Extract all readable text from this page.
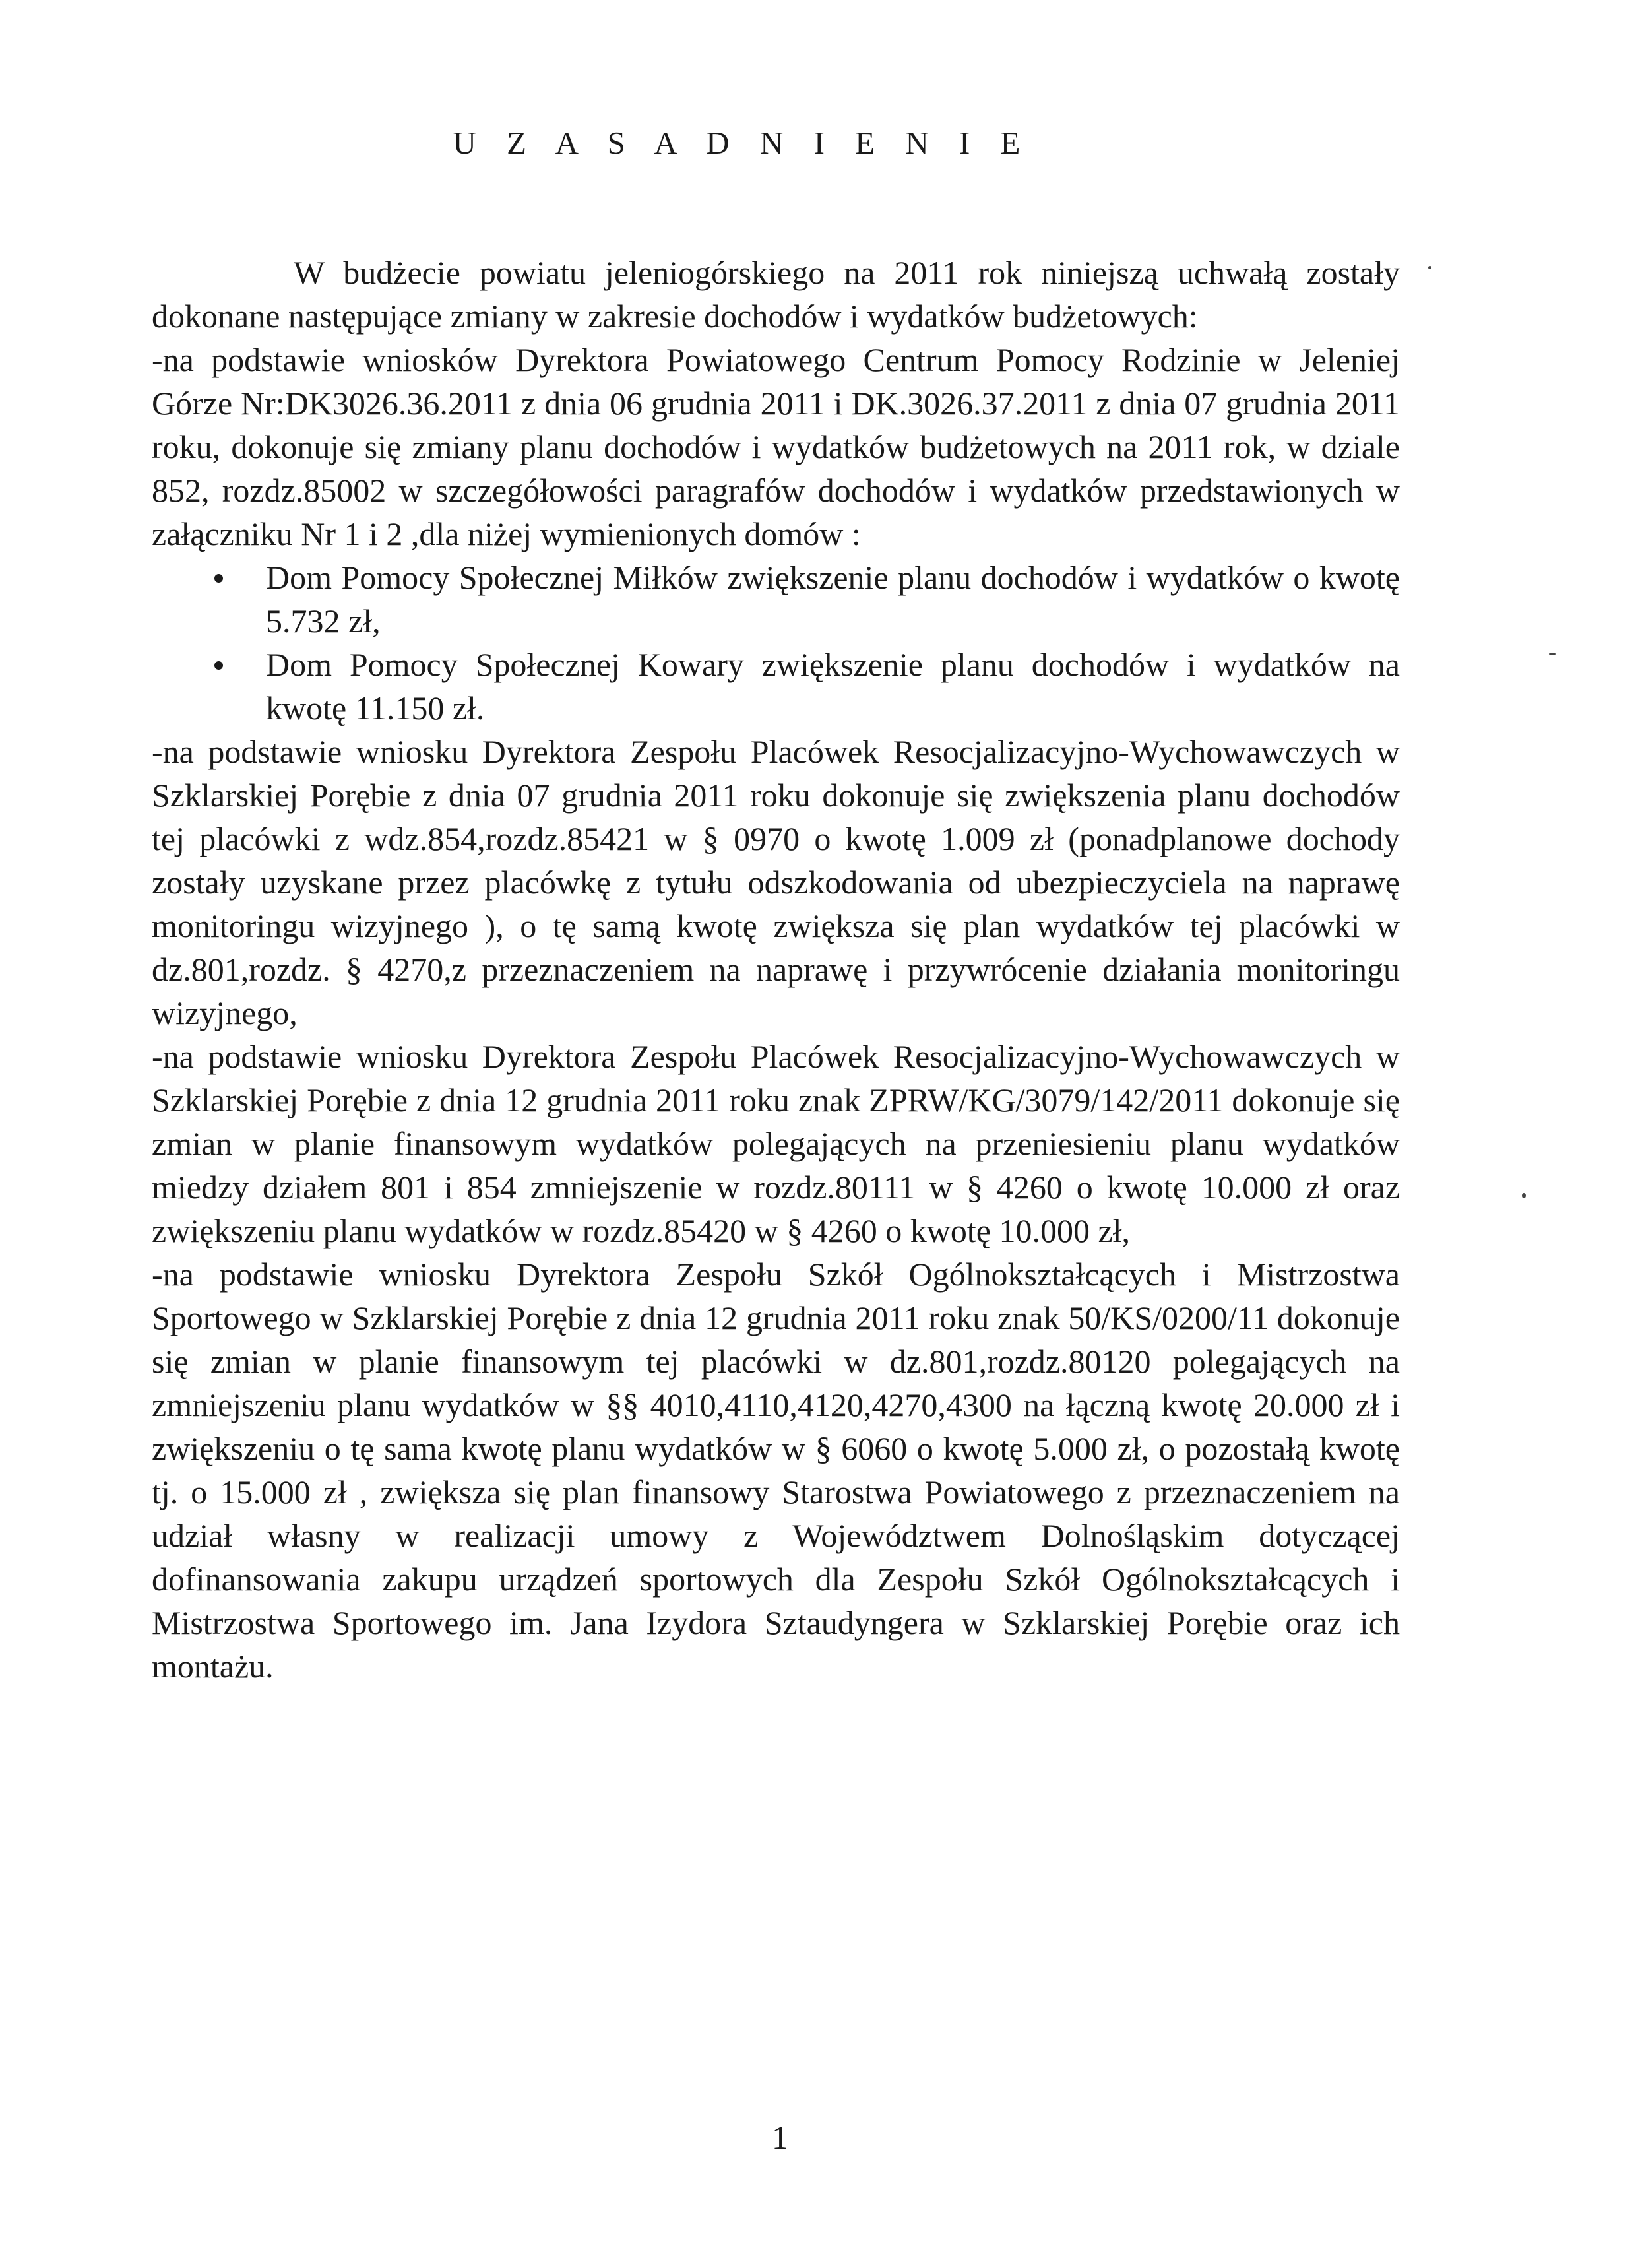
U Z A S A D N I E N I E

W budżecie powiatu jeleniogórskiego na 2011 rok niniejszą uchwałą zostały dokonane następujące zmiany w zakresie dochodów i wydatków budżetowych:

-na podstawie wniosków Dyrektora Powiatowego Centrum Pomocy Rodzinie w Jeleniej Górze Nr:DK3026.36.2011 z dnia 06 grudnia 2011 i DK.3026.37.2011 z dnia 07 grudnia 2011 roku, dokonuje się zmiany planu dochodów i wydatków budżetowych na 2011 rok, w dziale 852, rozdz.85002 w szczegółowości paragrafów dochodów i wydatków przedstawionych w załączniku Nr 1 i 2 ,dla niżej wymienionych domów :

Dom Pomocy Społecznej Miłków zwiększenie planu dochodów i wydatków o kwotę 5.732 zł,
Dom Pomocy Społecznej Kowary zwiększenie planu dochodów i wydatków na kwotę 11.150 zł.

-na podstawie wniosku Dyrektora Zespołu Placówek Resocjalizacyjno-Wychowawczych w Szklarskiej Porębie z dnia 07 grudnia 2011 roku dokonuje się zwiększenia planu dochodów tej placówki z wdz.854,rozdz.85421 w § 0970 o kwotę 1.009 zł (ponadplanowe dochody zostały uzyskane przez placówkę z tytułu odszkodowania od ubezpieczyciela na naprawę monitoringu wizyjnego ), o tę samą kwotę zwiększa się plan wydatków tej placówki w dz.801,rozdz. § 4270,z przeznaczeniem na naprawę i przywrócenie działania monitoringu wizyjnego,

-na podstawie wniosku Dyrektora Zespołu Placówek Resocjalizacyjno-Wychowawczych w Szklarskiej Porębie z dnia 12 grudnia 2011 roku znak ZPRW/KG/3079/142/2011 dokonuje się zmian w planie finansowym wydatków polegających na przeniesieniu planu wydatków miedzy działem 801 i 854 zmniejszenie w rozdz.80111 w § 4260 o kwotę 10.000 zł oraz zwiększeniu planu wydatków w rozdz.85420 w § 4260 o kwotę 10.000 zł,

-na podstawie wniosku Dyrektora Zespołu Szkół Ogólnokształcących i Mistrzostwa Sportowego w Szklarskiej Porębie z dnia 12 grudnia 2011 roku znak 50/KS/0200/11 dokonuje się zmian w planie finansowym tej placówki w dz.801,rozdz.80120 polegających na zmniejszeniu planu wydatków w §§ 4010,4110,4120,4270,4300 na łączną kwotę 20.000 zł i zwiększeniu o tę sama kwotę planu wydatków w § 6060 o kwotę 5.000 zł, o pozostałą kwotę tj. o 15.000 zł , zwiększa się plan finansowy Starostwa Powiatowego z przeznaczeniem na udział własny w realizacji umowy z Województwem Dolnośląskim dotyczącej dofinansowania zakupu urządzeń sportowych dla Zespołu Szkół Ogólnokształcących i Mistrzostwa Sportowego im. Jana Izydora Sztaudyngera w Szklarskiej Porębie oraz ich montażu.

1
